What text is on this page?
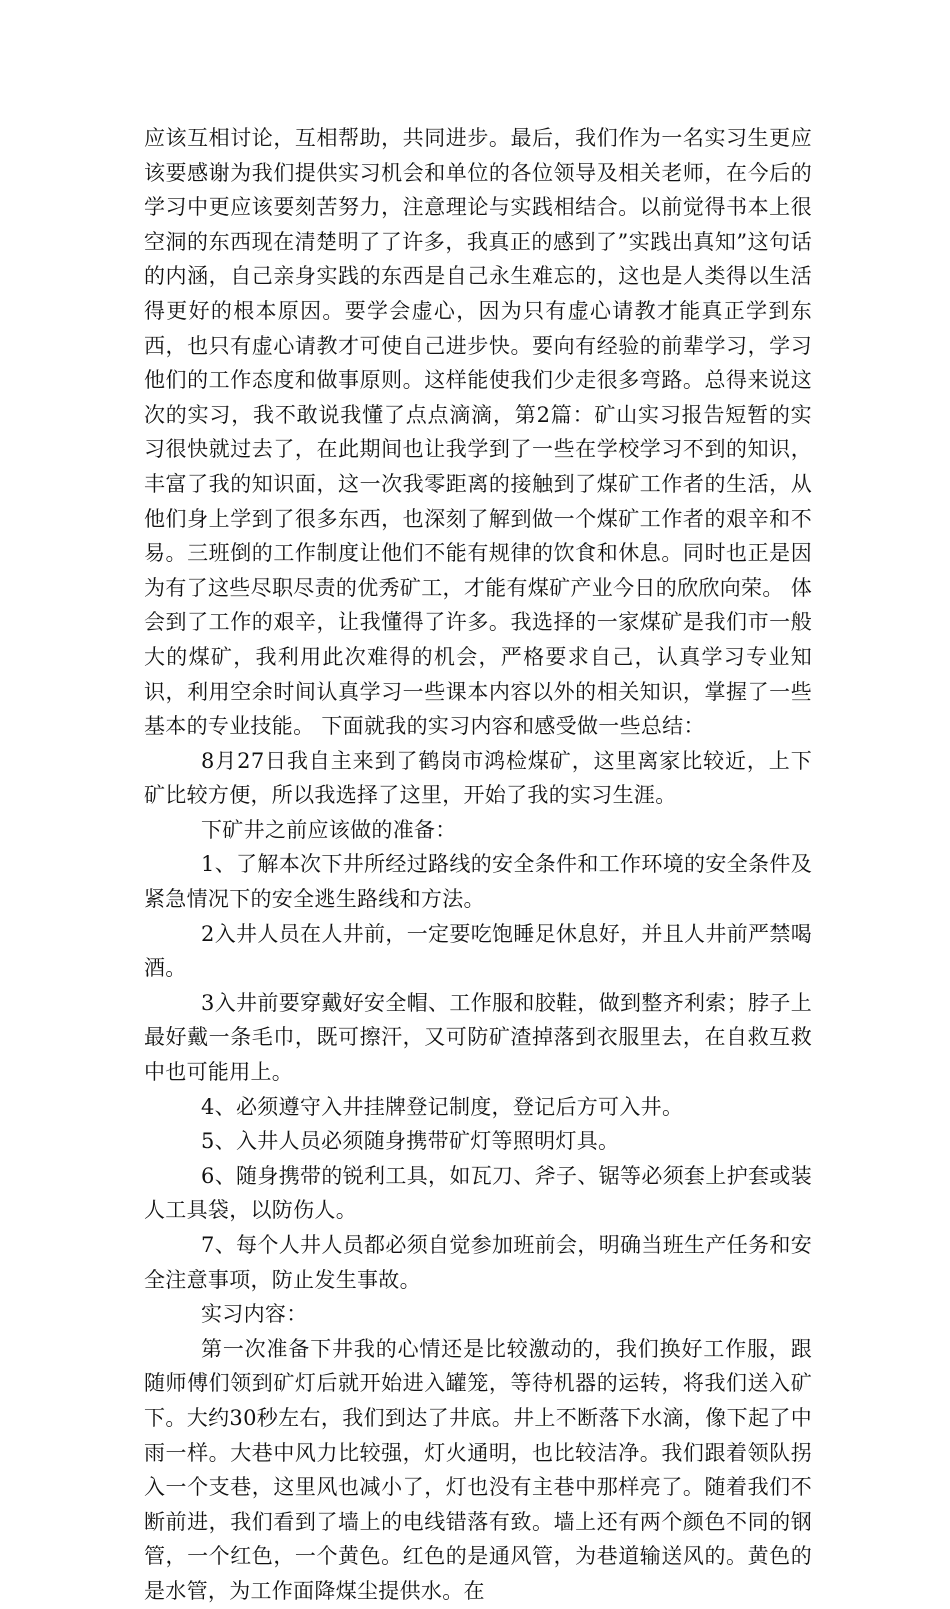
应该互相讨论，互相帮助，共同进步。最后，我们作为一名实习生更应该要感谢为我们提供实习机会和单位的各位领导及相关老师，在今后的学习中更应该要刻苦努力，注意理论与实践相结合。以前觉得书本上很空洞的东西现在清楚明了了许多，我真正的感到了”实践出真知”这句话的内涵，自己亲身实践的东西是自己永生难忘的，这也是人类得以生活得更好的根本原因。要学会虚心，因为只有虚心请教才能真正学到东西，也只有虚心请教才可使自己进步快。要向有经验的前辈学习，学习他们的工作态度和做事原则。这样能使我们少走很多弯路。总得来说这次的实习，我不敢说我懂了点点滴滴，第2篇：矿山实习报告短暂的实习很快就过去了，在此期间也让我学到了一些在学校学习不到的知识，丰富了我的知识面，这一次我零距离的接触到了煤矿工作者的生活，从他们身上学到了很多东西，也深刻了解到做一个煤矿工作者的艰辛和不易。三班倒的工作制度让他们不能有规律的饮食和休息。同时也正是因为有了这些尽职尽责的优秀矿工，才能有煤矿产业今日的欣欣向荣。 体会到了工作的艰辛，让我懂得了许多。我选择的一家煤矿是我们市一般大的煤矿，我利用此次难得的机会，严格要求自己，认真学习专业知识，利用空余时间认真学习一些课本内容以外的相关知识，掌握了一些基本的专业技能。 下面就我的实习内容和感受做一些总结：

8月27日我自主来到了鹤岗市鸿检煤矿，这里离家比较近，上下矿比较方便，所以我选择了这里，开始了我的实习生涯。

下矿井之前应该做的准备：

1、了解本次下井所经过路线的安全条件和工作环境的安全条件及紧急情况下的安全逃生路线和方法。

2入井人员在人井前，一定要吃饱睡足休息好，并且人井前严禁喝酒。

3入井前要穿戴好安全帽、工作服和胶鞋，做到整齐利索；脖子上最好戴一条毛巾，既可擦汗，又可防矿渣掉落到衣服里去，在自救互救中也可能用上。

4、必须遵守入井挂牌登记制度，登记后方可入井。

5、入井人员必须随身携带矿灯等照明灯具。

6、随身携带的锐利工具，如瓦刀、斧子、锯等必须套上护套或装人工具袋，以防伤人。

7、每个人井人员都必须自觉参加班前会，明确当班生产任务和安全注意事项，防止发生事故。

实习内容：

第一次准备下井我的心情还是比较激动的，我们换好工作服，跟随师傅们领到矿灯后就开始进入罐笼，等待机器的运转，将我们送入矿下。大约30秒左右，我们到达了井底。井上不断落下水滴，像下起了中雨一样。大巷中风力比较强，灯火通明，也比较洁净。我们跟着领队拐入一个支巷，这里风也减小了，灯也没有主巷中那样亮了。随着我们不断前进，我们看到了墙上的电线错落有致。墙上还有两个颜色不同的钢管，一个红色，一个黄色。红色的是通风管，为巷道输送风的。黄色的是水管，为工作面降煤尘提供水。在
